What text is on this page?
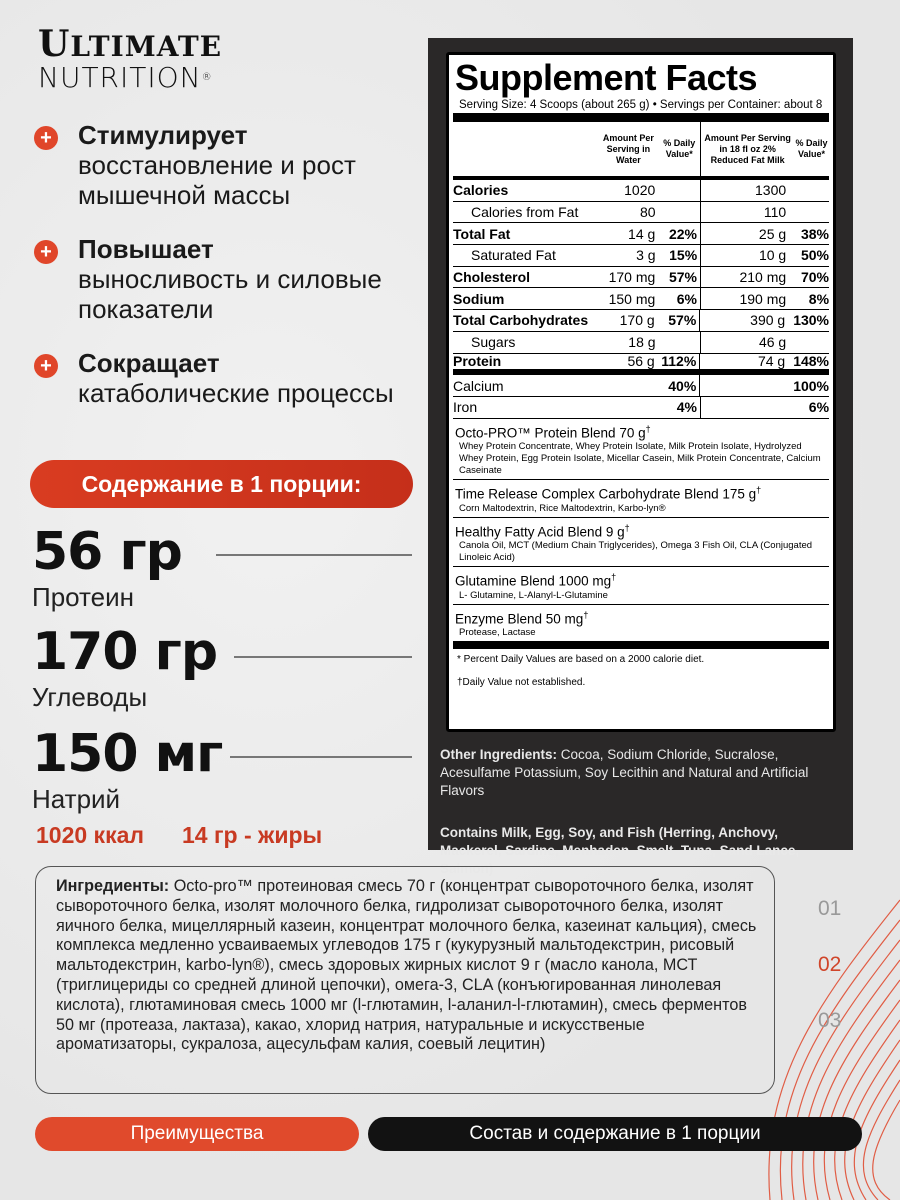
ULTIMATE
NUTRITION®
+ Стимулирует
восстановление и рост мышечной массы
+ Повышает
выносливость и силовые показатели
+ Сокращает
катаболические процессы
Содержание в 1 порции:
56 гр
Протеин
170 гр
Углеводы
150 мг
Натрий
1020 ккал 14 гр - жиры
Supplement Facts
Serving Size: 4 Scoops (about 265 g) • Servings per Container: about 8
Amount Per Serving in Water
% Daily Value*
Amount Per Serving in 18 fl oz 2% Reduced Fat Milk
% Daily Value*
Calories	1020	1300
Calories from Fat	80	110
Total Fat	14 g 22%	25 g	38%
Saturated Fat	3 g 15%	10 g	50%
Cholesterol	170 mg 57%	210 mg	70%
Sodium	150 mg	6%	190 mg	8%
Total Carbohydrates	170 g 57%	390 g 130%
Sugars	18 g	46 g
Protein	56 g 112%	74 g 148%
Calcium	40%	100%
Iron	4%	6%
Octo-PRO™ Protein Blend 70 g†
Whey Protein Concentrate, Whey Protein Isolate, Milk Protein Isolate, Hydrolyzed Whey Protein, Egg Protein Isolate, Micellar Casein, Milk Protein Concentrate, Calcium Caseinate
Time Release Complex Carbohydrate Blend 175 g†
Corn Maltodextrin, Rice Maltodextrin, Karbo-lyn®
Healthy Fatty Acid Blend 9 g†
Canola Oil, MCT (Medium Chain Triglycerides), Omega 3 Fish Oil, CLA (Conjugated Linoleic Acid)
Glutamine Blend 1000 mg†
L- Glutamine, L-Alanyl-L-Glutamine
Enzyme Blend 50 mg†
Protease, Lactase
* Percent Daily Values are based on a 2000 calorie diet.
†Daily Value not established.
Other Ingredients: Cocoa, Sodium Chloride, Sucralose, Acesulfame Potassium, Soy Lecithin and Natural and Artificial Flavors
Contains Milk, Egg, Soy, and Fish (Herring, Anchovy, Mackerel, Sardine, Menhaden, Smelt, Tuna, Sand Lance, Salmon)
Ингредиенты: Octo-pro™ протеиновая смесь 70 г (концентрат сывороточного белка, изолят сывороточного белка, изолят молочного белка, гидролизат сывороточного белка, изолят яичного белка, мицеллярный казеин, концентрат молочного белка, казеинат кальция), смесь комплекса медленно усваиваемых углеводов 175 г (кукурузный мальтодекстрин, рисовый мальтодекстрин, karbo-lyn®), смесь здоровых жирных кислот 9 г (масло канола, МСТ (триглицериды со средней длиной цепочки), омега-3, CLA (конъюгированная линолевая кислота), глютаминовая смесь 1000 мг (l-глютамин, l-аланил-l-глютамин), смесь ферментов 50 мг (протеаза, лактаза), какао, хлорид натрия, натуральные и искусственые ароматизаторы, сукралоза, ацесульфам калия, соевый лецитин)
01
02
03
Преимущества	Состав и содержание в 1 порции
